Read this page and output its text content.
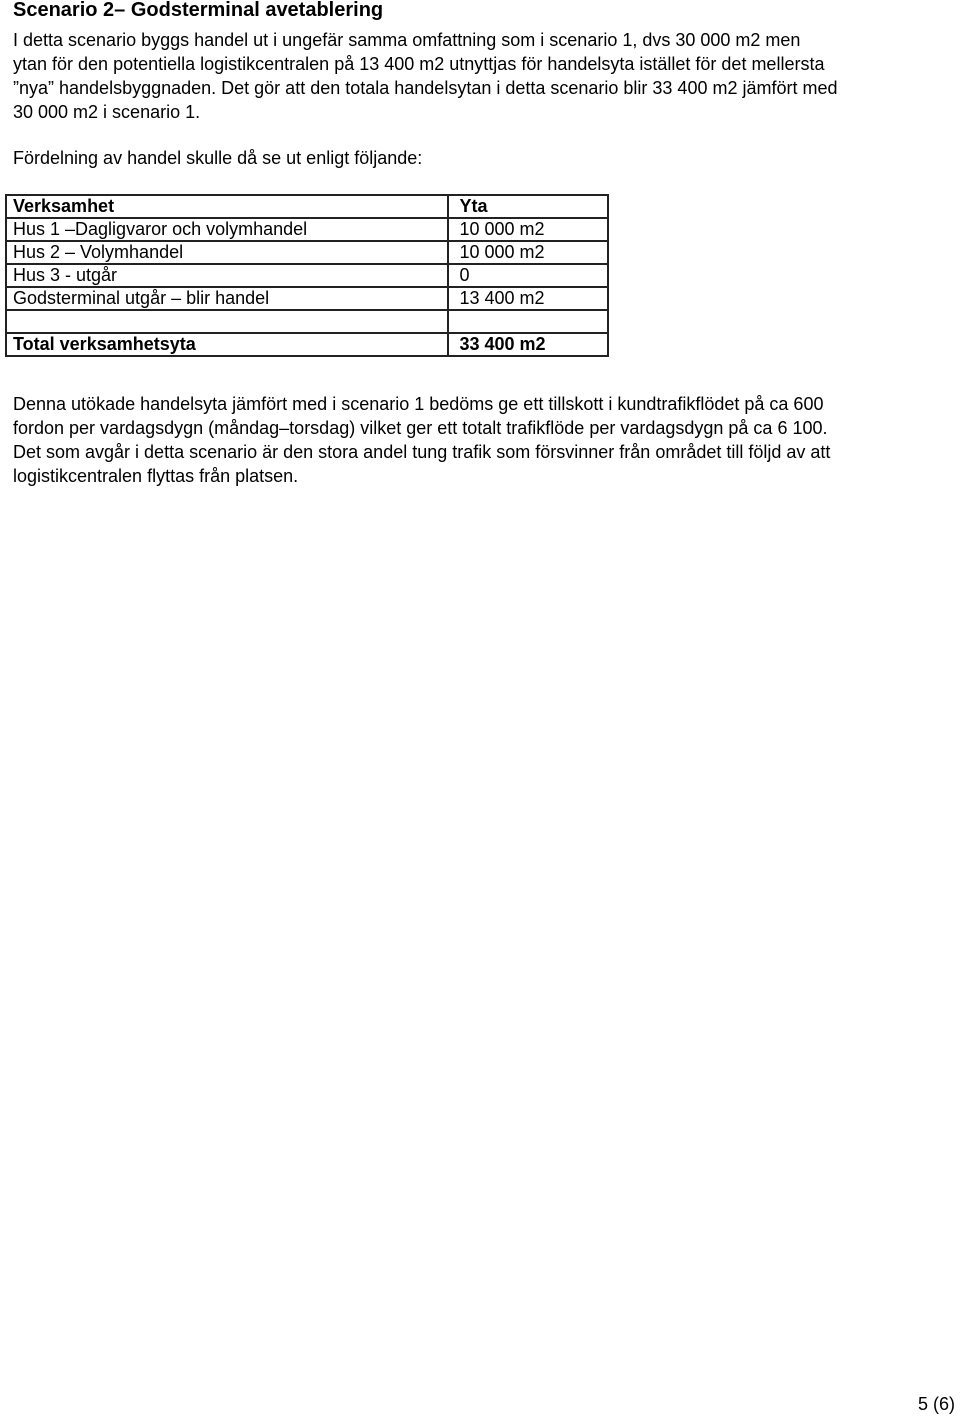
Scenario 2– Godsterminal avetablering
I detta scenario byggs handel ut i ungefär samma omfattning som i scenario 1, dvs 30 000 m2 men
ytan för den potentiella logistikcentralen på 13 400 m2 utnyttjas för handelsyta istället för det mellersta
”nya” handelsbyggnaden. Det gör att den totala handelsytan i detta scenario blir 33 400 m2 jämfört med
30 000 m2 i scenario 1.
Fördelning av handel skulle då se ut enligt följande:
Verksamhet	Yta
Hus 1 –Dagligvaror och volymhandel	10 000 m2
Hus 2 – Volymhandel	10 000 m2
Hus 3 - utgår	0
Godsterminal utgår – blir handel	13 400 m2

Total verksamhetsyta	33 400 m2
Denna utökade handelsyta jämfört med i scenario 1 bedöms ge ett tillskott i kundtrafikflödet på ca 600
fordon per vardagsdygn (måndag–torsdag) vilket ger ett totalt trafikflöde per vardagsdygn på ca 6 100.
Det som avgår i detta scenario är den stora andel tung trafik som försvinner från området till följd av att
logistikcentralen flyttas från platsen.
5 (6)
